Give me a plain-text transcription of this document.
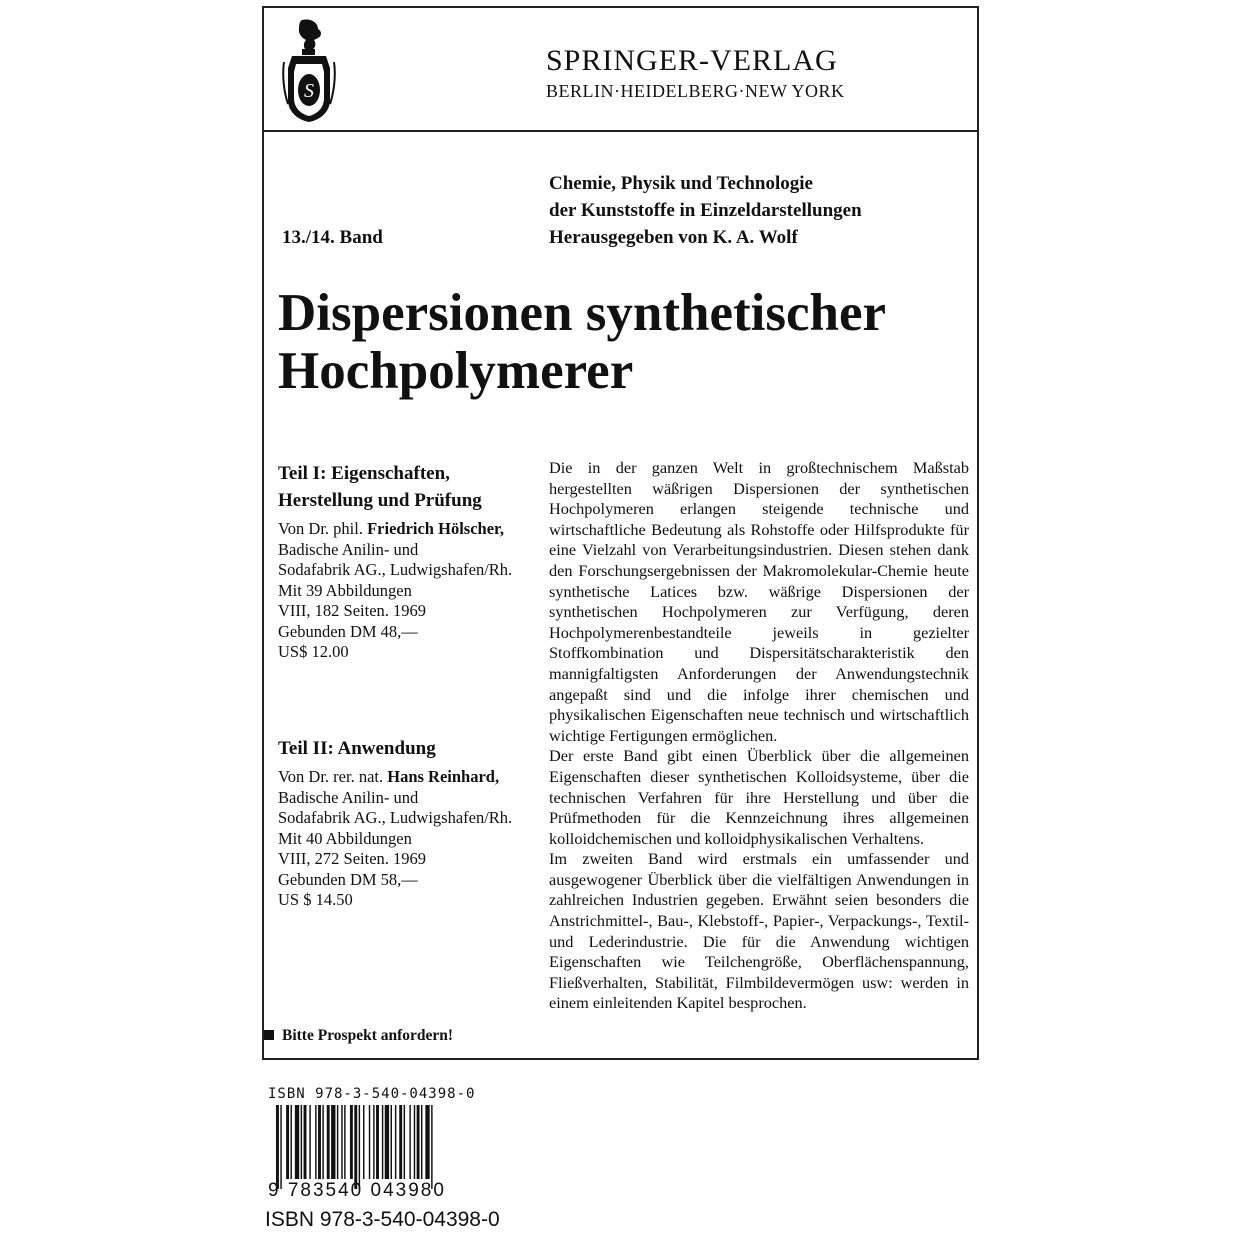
S
SPRINGER-VERLAG
BERLIN·HEIDELBERG·NEW YORK
Chemie, Physik und Technologie
der Kunststoffe in Einzeldarstellungen
Herausgegeben von K. A. Wolf
13./14. Band
Dispersionen synthetischer
Hochpolymerer
Teil I: Eigenschaften,
Herstellung und Prüfung
Von Dr. phil. Friedrich Hölscher,
Badische Anilin- und
Sodafabrik AG., Ludwigshafen/Rh.
Mit 39 Abbildungen
VIII, 182 Seiten. 1969
Gebunden DM 48,—
US$ 12.00
Teil II: Anwendung
Von Dr. rer. nat. Hans Reinhard,
Badische Anilin- und
Sodafabrik AG., Ludwigshafen/Rh.
Mit 40 Abbildungen
VIII, 272 Seiten. 1969
Gebunden DM 58,—
US $ 14.50
Bitte Prospekt anfordern!

Die in der ganzen Welt in großtechnischem Maßstab hergestellten wäßrigen Dispersionen der synthetischen Hochpolymeren erlangen steigende technische und wirtschaftliche Bedeutung als Rohstoffe oder Hilfsprodukte für eine Vielzahl von Verarbeitungsindustrien. Diesen stehen dank den Forschungsergebnissen der Makromolekular-Chemie heute synthetische Latices bzw. wäßrige Dispersionen der synthetischen Hochpolymeren zur Verfügung, deren Hochpolymerenbestandteile jeweils in gezielter Stoffkombination und Dispersitätscharakteristik den mannigfaltigsten Anforderungen der Anwendungstechnik angepaßt sind und die infolge ihrer chemischen und physikalischen Eigenschaften neue technisch und wirtschaftlich wichtige Fertigungen ermöglichen.

Der erste Band gibt einen Überblick über die allgemeinen Eigenschaften dieser synthetischen Kolloidsysteme, über die technischen Verfahren für ihre Herstellung und über die Prüfmethoden für die Kennzeichnung ihres allgemeinen kolloidchemischen und kolloidphysikalischen Verhaltens.

Im zweiten Band wird erstmals ein umfassender und ausgewogener Überblick über die vielfältigen Anwendungen in zahlreichen Industrien gegeben. Erwähnt seien besonders die Anstrichmittel-, Bau-, Klebstoff-, Papier-, Verpackungs-, Textil- und Lederindustrie. Die für die Anwendung wichtigen Eigenschaften wie Teilchengröße, Oberflächenspannung, Fließverhalten, Stabilität, Filmbildevermögen usw: werden in einem einleitenden Kapitel besprochen.

ISBN 978-3-540-04398-0
9 783540 043980
ISBN 978-3-540-04398-0
